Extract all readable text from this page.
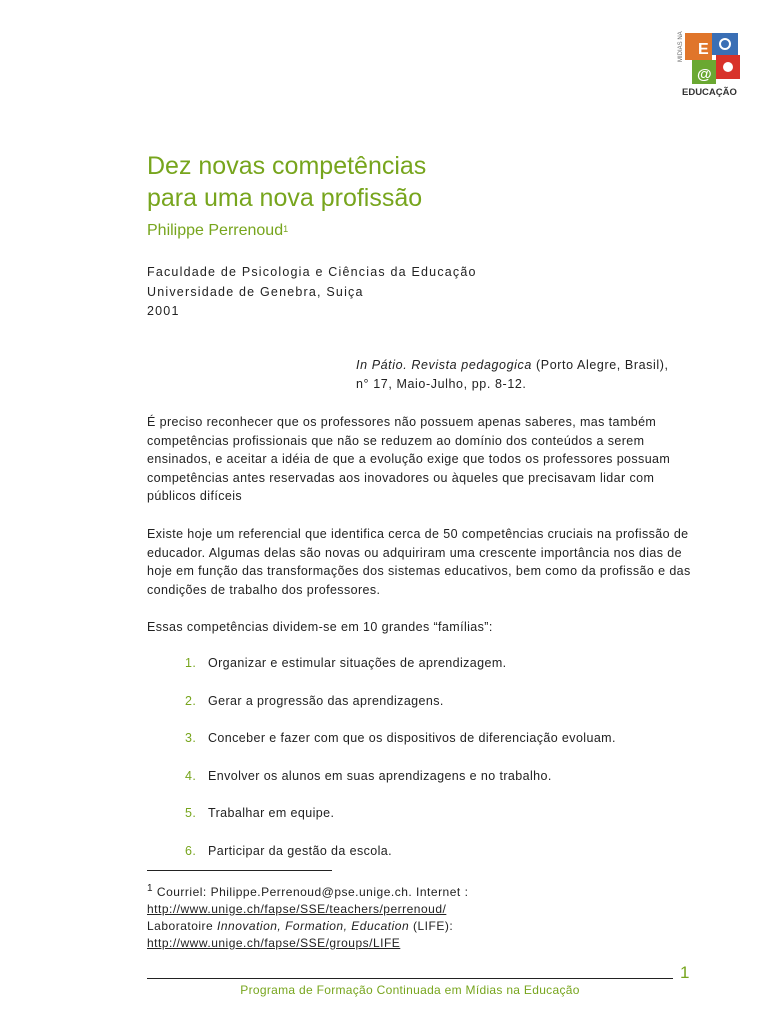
E
@
MIDIAS NA
EDUCAÇÃO
Dez novas competências
para uma nova profissão
Philippe Perrenoud$^1$
Faculdade de Psicologia e Ciências da Educação
Universidade de Genebra, Suiça
2001
In Pátio. Revista pedagogica (Porto Alegre, Brasil),
n° 17, Maio-Julho, pp. 8-12.
É preciso reconhecer que os professores não possuem apenas saberes, mas também competências profissionais que não se reduzem ao domínio dos conteúdos a serem ensinados, e aceitar a idéia de que a evolução exige que todos os professores possuam competências antes reservadas aos inovadores ou àqueles que precisavam lidar com públicos difíceis
Existe hoje um referencial que identifica cerca de 50 competências cruciais na profissão de educador. Algumas delas são novas ou adquiriram uma crescente importância nos dias de hoje em função das transformações dos sistemas educativos, bem como da profissão e das condições de trabalho dos professores.
Essas competências dividem-se em 10 grandes “famílias”:
1. Organizar e estimular situações de aprendizagem.
2. Gerar a progressão das aprendizagens.
3. Conceber e fazer com que os dispositivos de diferenciação evoluam.
4. Envolver os alunos em suas aprendizagens e no trabalho.
5. Trabalhar em equipe.
6. Participar da gestão da escola.
$^1$ Courriel: Philippe.Perrenoud@pse.unige.ch. Internet :
http://www.unige.ch/fapse/SSE/teachers/perrenoud/
Laboratoire Innovation, Formation, Education (LIFE):
http://www.unige.ch/fapse/SSE/groups/LIFE
1
Programa de Formação Continuada em Mídias na Educação
